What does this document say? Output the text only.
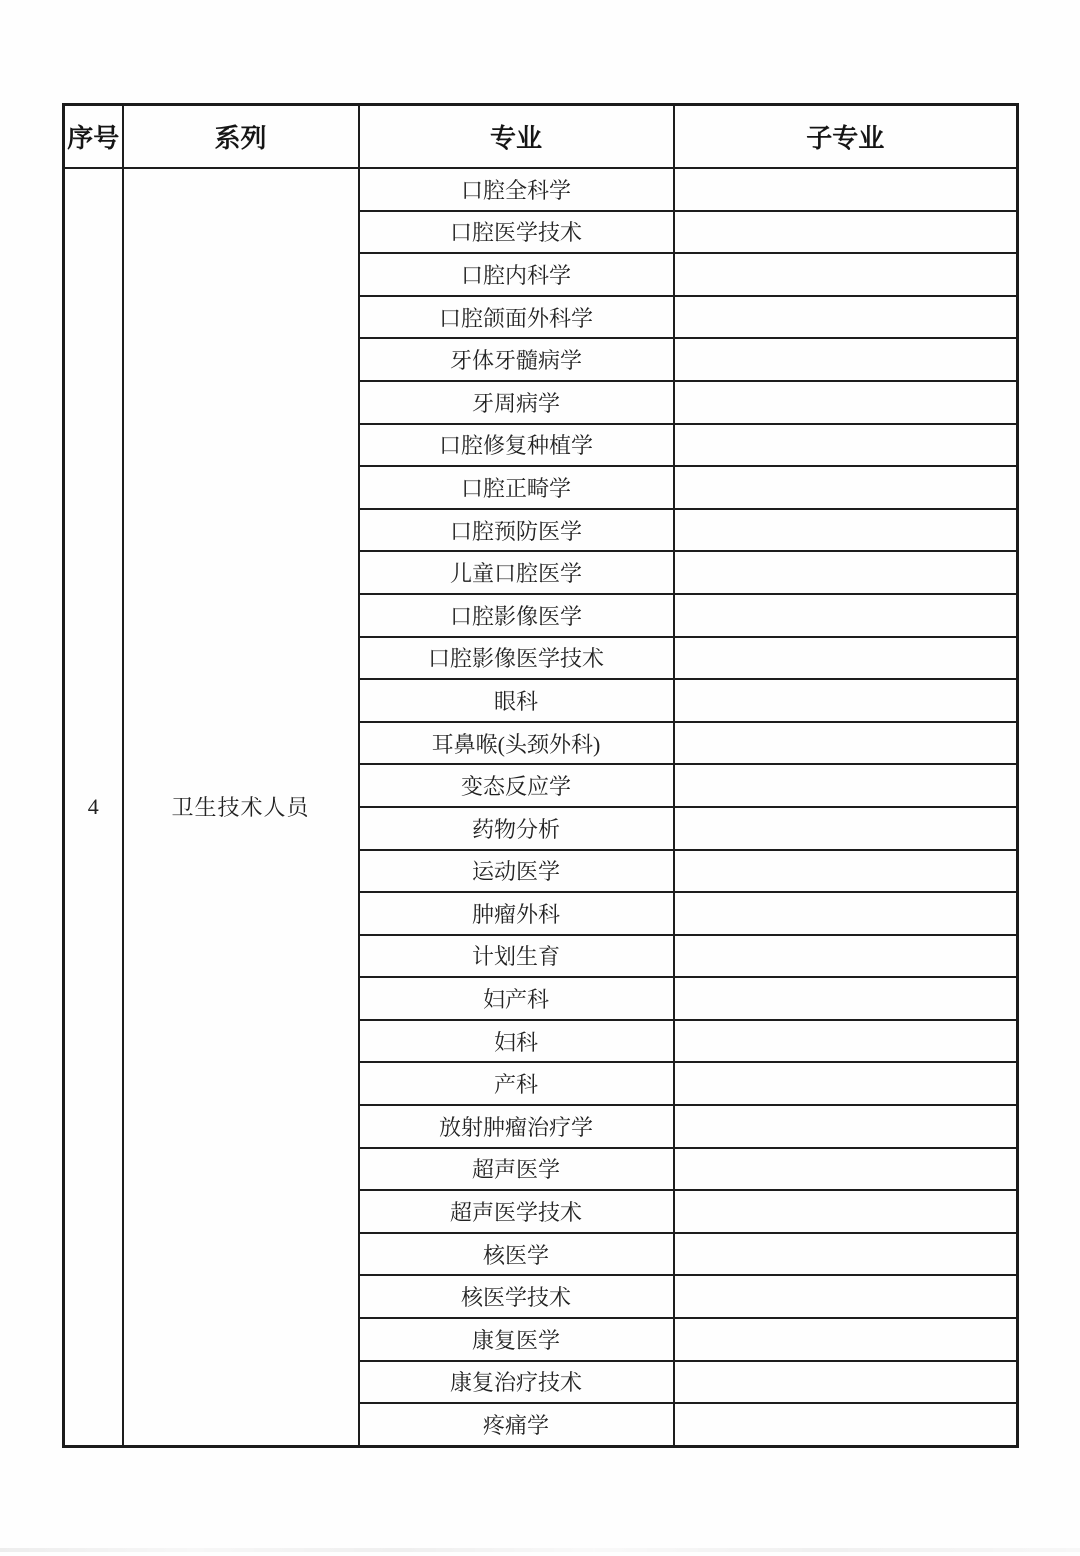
序号	系列	专业	子专业
4	卫生技术人员	口腔全科学	
		口腔医学技术	
		口腔内科学	
		口腔颌面外科学	
		牙体牙髓病学	
		牙周病学	
		口腔修复种植学	
		口腔正畸学	
		口腔预防医学	
		儿童口腔医学	
		口腔影像医学	
		口腔影像医学技术	
		眼科	
		耳鼻喉(头颈外科)	
		变态反应学	
		药物分析	
		运动医学	
		肿瘤外科	
		计划生育	
		妇产科	
		妇科	
		产科	
		放射肿瘤治疗学	
		超声医学	
		超声医学技术	
		核医学	
		核医学技术	
		康复医学	
		康复治疗技术	
		疼痛学	
